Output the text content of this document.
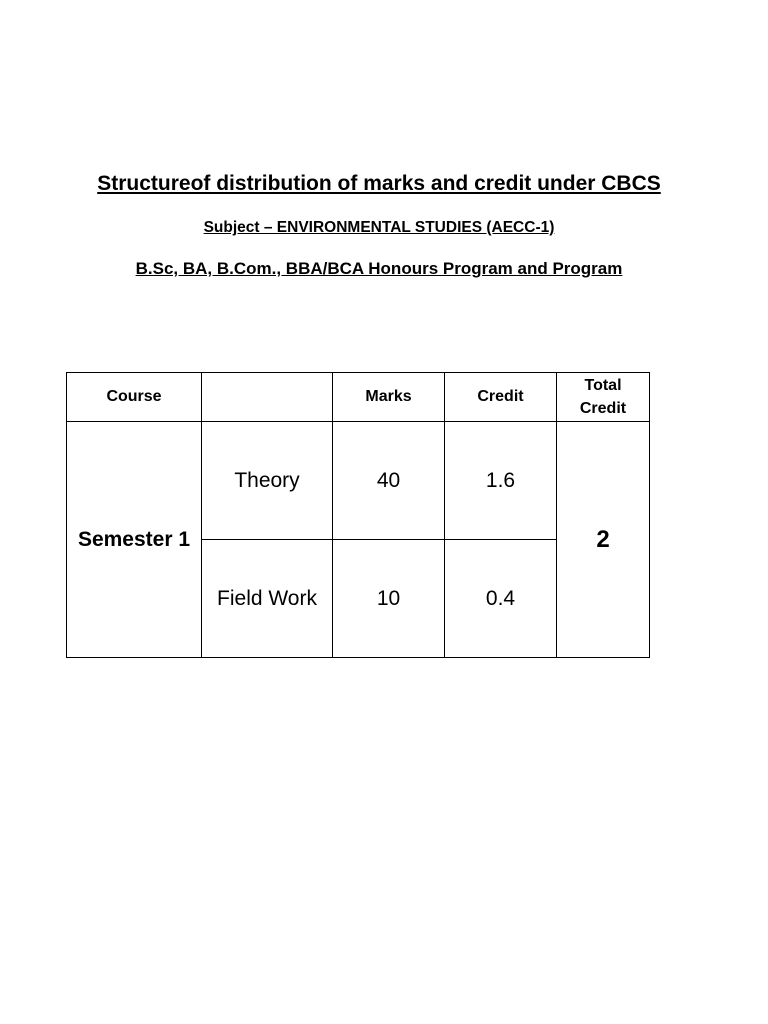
Structureof distribution of marks and credit under CBCS
Subject – ENVIRONMENTAL STUDIES (AECC-1)
B.Sc, BA, B.Com., BBA/BCA Honours Program and Program
Course		Marks	Credit	Total
Credit
Semester 1	Theory	40	1.6	2
	Field Work	10	0.4	
